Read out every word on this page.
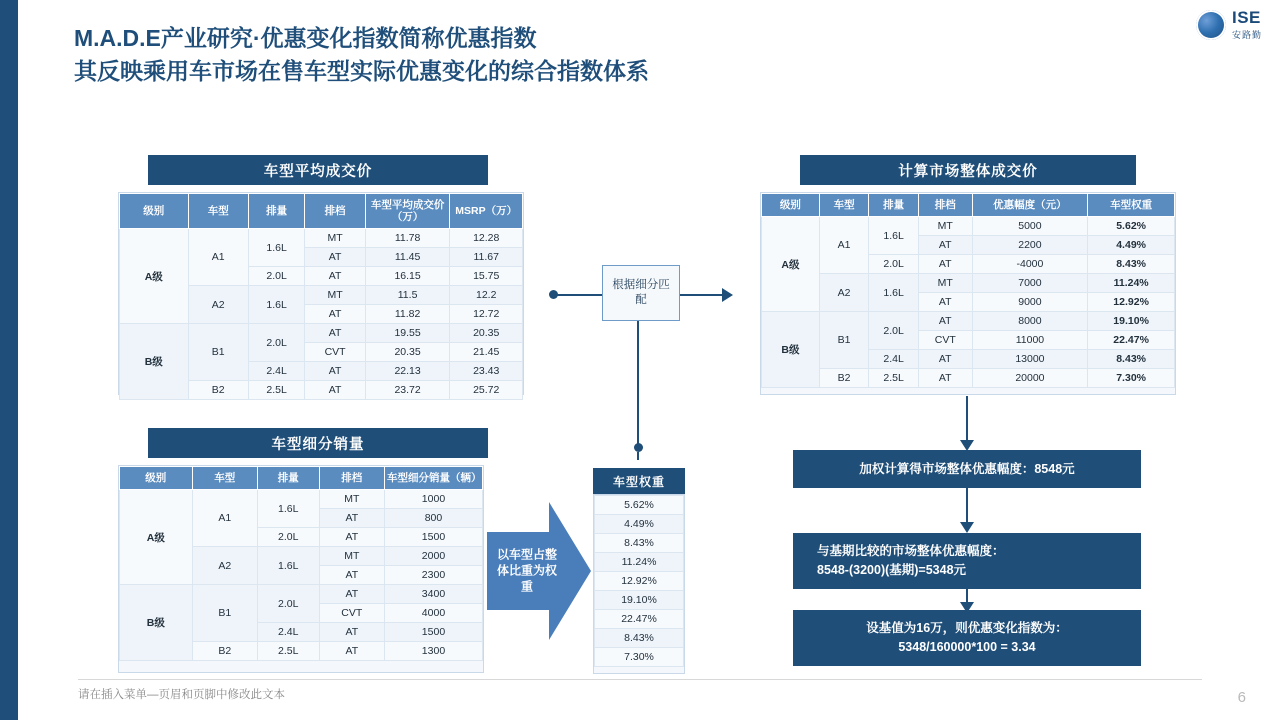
ISE
安路勤
M.A.D.E产业研究·优惠变化指数简称优惠指数
其反映乘用车市场在售车型实际优惠变化的综合指数体系
车型平均成交价
级别	车型	排量	排档	车型平均成交价（万）	MSRP（万）
A级	A1	1.6L	MT	11.78	12.28
			AT	11.45	11.67
		2.0L	AT	16.15	15.75
	A2	1.6L	MT	11.5	12.2
			AT	11.82	12.72
B级	B1	2.0L	AT	19.55	20.35
			CVT	20.35	21.45
		2.4L	AT	22.13	23.43
	B2	2.5L	AT	23.72	25.72
车型细分销量
级别	车型	排量	排档	车型细分销量（辆）
A级	A1	1.6L	MT	1000
			AT	800
		2.0L	AT	1500
	A2	1.6L	MT	2000
			AT	2300
B级	B1	2.0L	AT	3400
			CVT	4000
		2.4L	AT	1500
	B2	2.5L	AT	1300
根据细分匹配
车型权重
5.62%
4.49%
8.43%
11.24%
12.92%
19.10%
22.47%
8.43%
7.30%
以车型占整体比重为权重
计算市场整体成交价
级别	车型	排量	排档	优惠幅度（元）	车型权重
A级	A1	1.6L	MT	5000	5.62%
			AT	2200	4.49%
		2.0L	AT	-4000	8.43%
	A2	1.6L	MT	7000	11.24%
			AT	9000	12.92%
B级	B1	2.0L	AT	8000	19.10%
			CVT	11000	22.47%
		2.4L	AT	13000	8.43%
	B2	2.5L	AT	20000	7.30%
加权计算得市场整体优惠幅度：8548元
与基期比较的市场整体优惠幅度：
8548-(3200)(基期)=5348元
设基值为16万，则优惠变化指数为：
5348/160000*100 = 3.34
请在插入菜单—页眉和页脚中修改此文本	6
